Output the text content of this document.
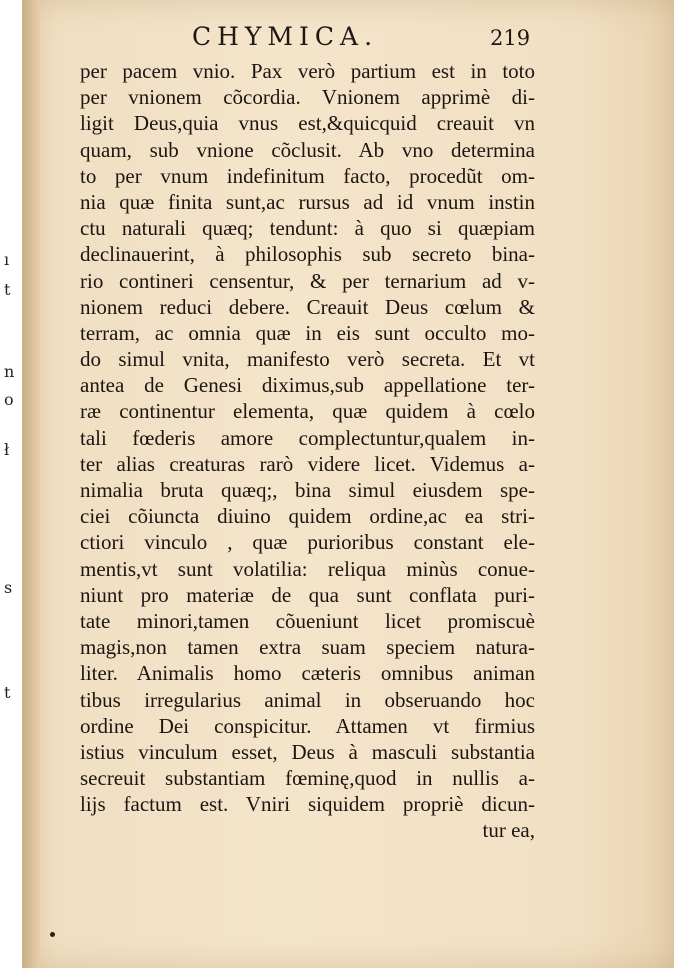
ı
t
n
o
ł
s
t
CHYMICA.	219
per pacem vnio. Pax verò partium est in toto
per vnionem cõcordia. Vnionem apprimè di-
ligit Deus,quia vnus est,&quicquid creauit vn
quam, sub vnione cõclusit. Ab vno determina
to per vnum indefinitum facto, procedũt om-
nia quæ finita sunt,ac rursus ad id vnum instin
ctu naturali quæq; tendunt: à quo si quæpiam
declinauerint, à philosophis sub secreto bina-
rio contineri censentur, & per ternarium ad v-
nionem reduci debere. Creauit Deus cœlum &
terram, ac omnia quæ in eis sunt occulto mo-
do simul vnita, manifesto verò secreta. Et vt
antea de Genesi diximus,sub appellatione ter-
ræ continentur elementa, quæ quidem à cœlo
tali fœderis amore complectuntur,qualem in-
ter alias creaturas rarò videre licet. Videmus a-
nimalia bruta quæq;, bina simul eiusdem spe-
ciei cõiuncta diuino quidem ordine,ac ea stri-
ctiori vinculo , quæ purioribus constant ele-
mentis,vt sunt volatilia: reliqua minùs conue-
niunt pro materiæ de qua sunt conflata puri-
tate minori,tamen cõueniunt licet promiscuè
magis,non tamen extra suam speciem natura-
liter. Animalis homo cæteris omnibus animan
tibus irregularius animal in obseruando hoc
ordine Dei conspicitur. Attamen vt firmius
istius vinculum esset, Deus à masculi substantia
secreuit substantiam fœminę,quod in nullis a-
lijs factum est. Vniri siquidem propriè dicun-
tur ea,
